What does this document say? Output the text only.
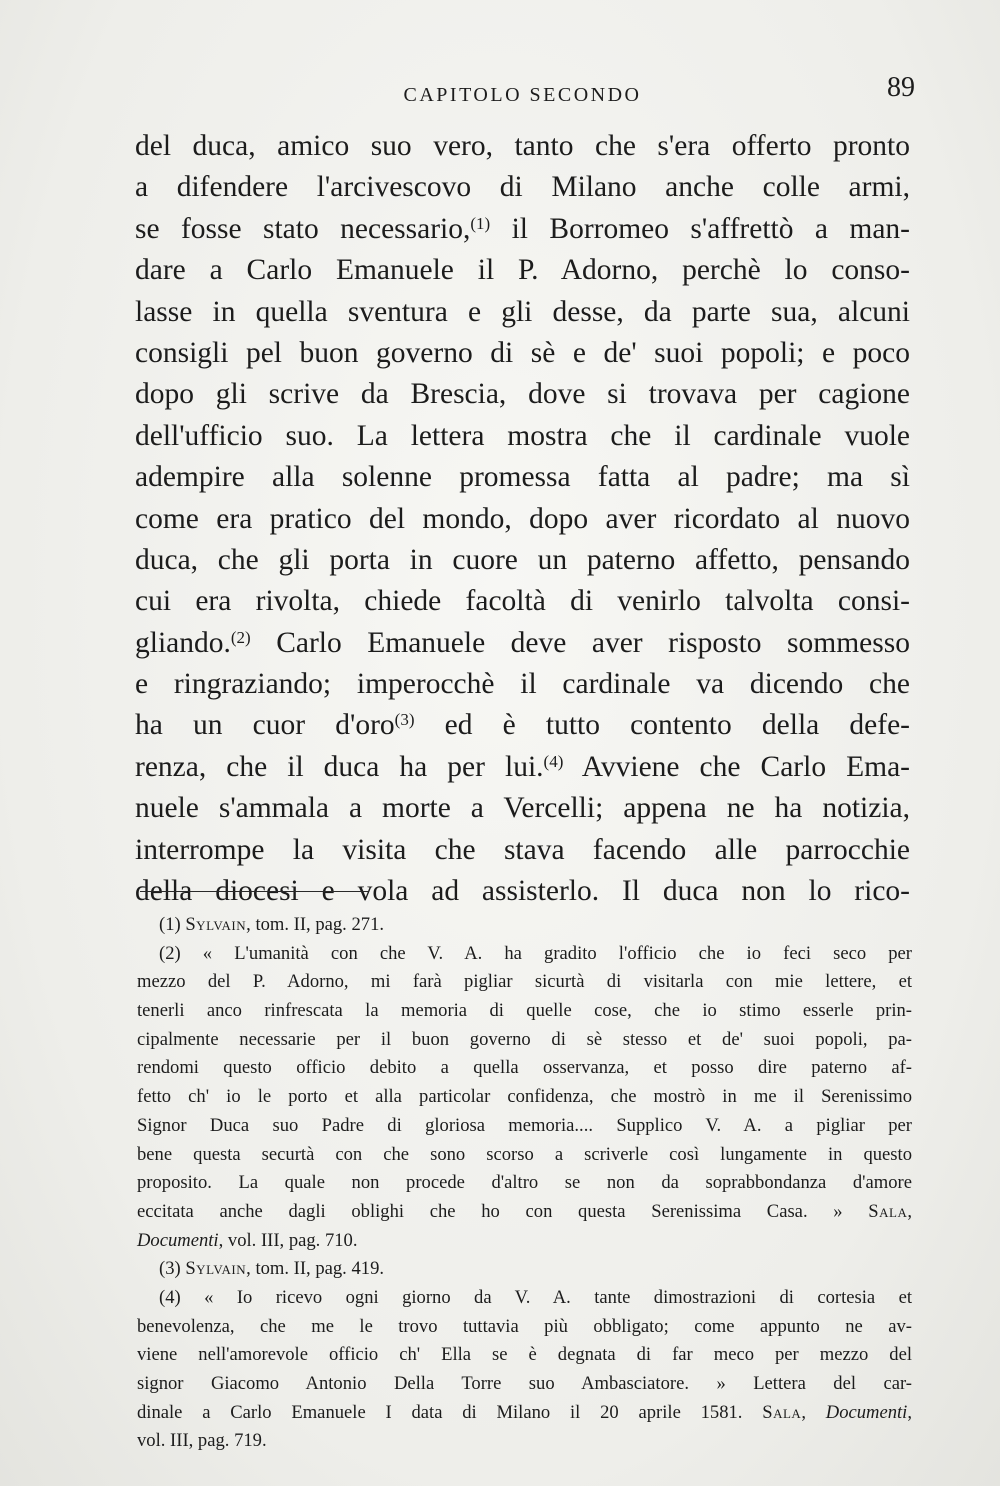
CAPITOLO SECONDO	89
del duca, amico suo vero, tanto che s'era offerto pronto
a difendere l'arcivescovo di Milano anche colle armi,
se fosse stato necessario,$^{(1)}$ il Borromeo s'affrettò a man-
dare a Carlo Emanuele il P. Adorno, perchè lo conso-
lasse in quella sventura e gli desse, da parte sua, alcuni
consigli pel buon governo di sè e de' suoi popoli; e poco
dopo gli scrive da Brescia, dove si trovava per cagione
dell'ufficio suo. La lettera mostra che il cardinale vuole
adempire alla solenne promessa fatta al padre; ma sì
come era pratico del mondo, dopo aver ricordato al nuovo
duca, che gli porta in cuore un paterno affetto, pensando
cui era rivolta, chiede facoltà di venirlo talvolta consi-
gliando.$^{(2)}$ Carlo Emanuele deve aver risposto sommesso
e ringraziando; imperocchè il cardinale va dicendo che
ha un cuor d'oro$^{(3)}$ ed è tutto contento della defe-
renza, che il duca ha per lui.$^{(4)}$ Avviene che Carlo Ema-
nuele s'ammala a morte a Vercelli; appena ne ha notizia,
interrompe la visita che stava facendo alle parrocchie
della diocesi e vola ad assisterlo. Il duca non lo rico-
(1) Sylvain, tom. II, pag. 271.
(2) « L'umanità con che V. A. ha gradito l'officio che io feci seco per
mezzo del P. Adorno, mi farà pigliar sicurtà di visitarla con mie lettere, et
tenerli anco rinfrescata la memoria di quelle cose, che io stimo esserle prin-
cipalmente necessarie per il buon governo di sè stesso et de' suoi popoli, pa-
rendomi questo officio debito a quella osservanza, et posso dire paterno af-
fetto ch' io le porto et alla particolar confidenza, che mostrò in me il Serenissimo
Signor Duca suo Padre di gloriosa memoria.... Supplico V. A. a pigliar per
bene questa securtà con che sono scorso a scriverle così lungamente in questo
proposito. La quale non procede d'altro se non da soprabbondanza d'amore
eccitata anche dagli oblighi che ho con questa Serenissima Casa. » Sala,
Documenti, vol. III, pag. 710.
(3) Sylvain, tom. II, pag. 419.
(4) « Io ricevo ogni giorno da V. A. tante dimostrazioni di cortesia et
benevolenza, che me le trovo tuttavia più obbligato; come appunto ne av-
viene nell'amorevole officio ch' Ella se è degnata di far meco per mezzo del
signor Giacomo Antonio Della Torre suo Ambasciatore. » Lettera del car-
dinale a Carlo Emanuele I data di Milano il 20 aprile 1581. Sala, Documenti,
vol. III, pag. 719.
